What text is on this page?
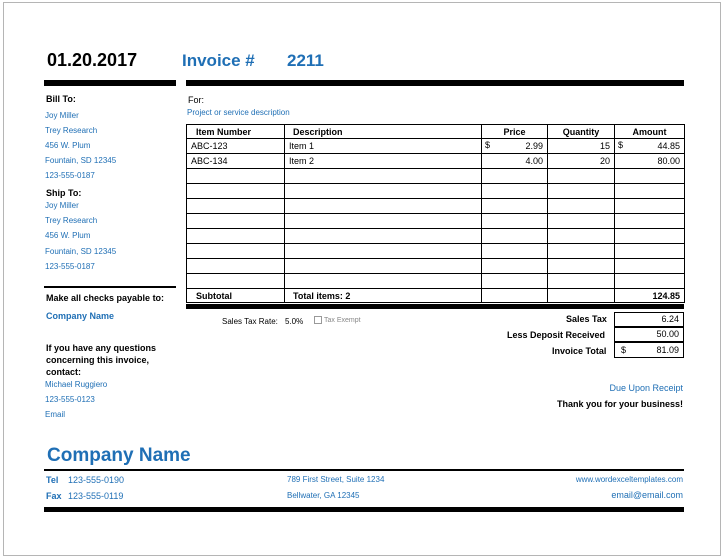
01.20.2017	Invoice # 2211
Bill To:
Joy Miller
Trey Research
456 W. Plum
Fountain, SD 12345
123-555-0187
Ship To:
Joy Miller
Trey Research
456 W. Plum
Fountain, SD 12345
123-555-0187
Make all checks payable to:
Company Name
If you have any questions
concerning this invoice,
contact:
Michael Ruggiero
123-555-0123
Email
For:
Project or service description
Item Number	Description	Price	Quantity	Amount
ABC-123	Item 1	$ 2.99	15	$ 44.85
ABC-134	Item 2	4.00	20	80.00

Subtotal	Total items: 2			124.85
Sales Tax Rate: 5.0%	Tax Exempt	Sales Tax	6.24
Less Deposit Received	50.00
Invoice Total $	81.09
Due Upon Receipt
Thank you for your business!
Company Name
Tel 123-555-0190
Fax 123-555-0119
789 First Street, Suite 1234
Bellwater, GA 12345
www.wordexceltemplates.com
email@email.com
